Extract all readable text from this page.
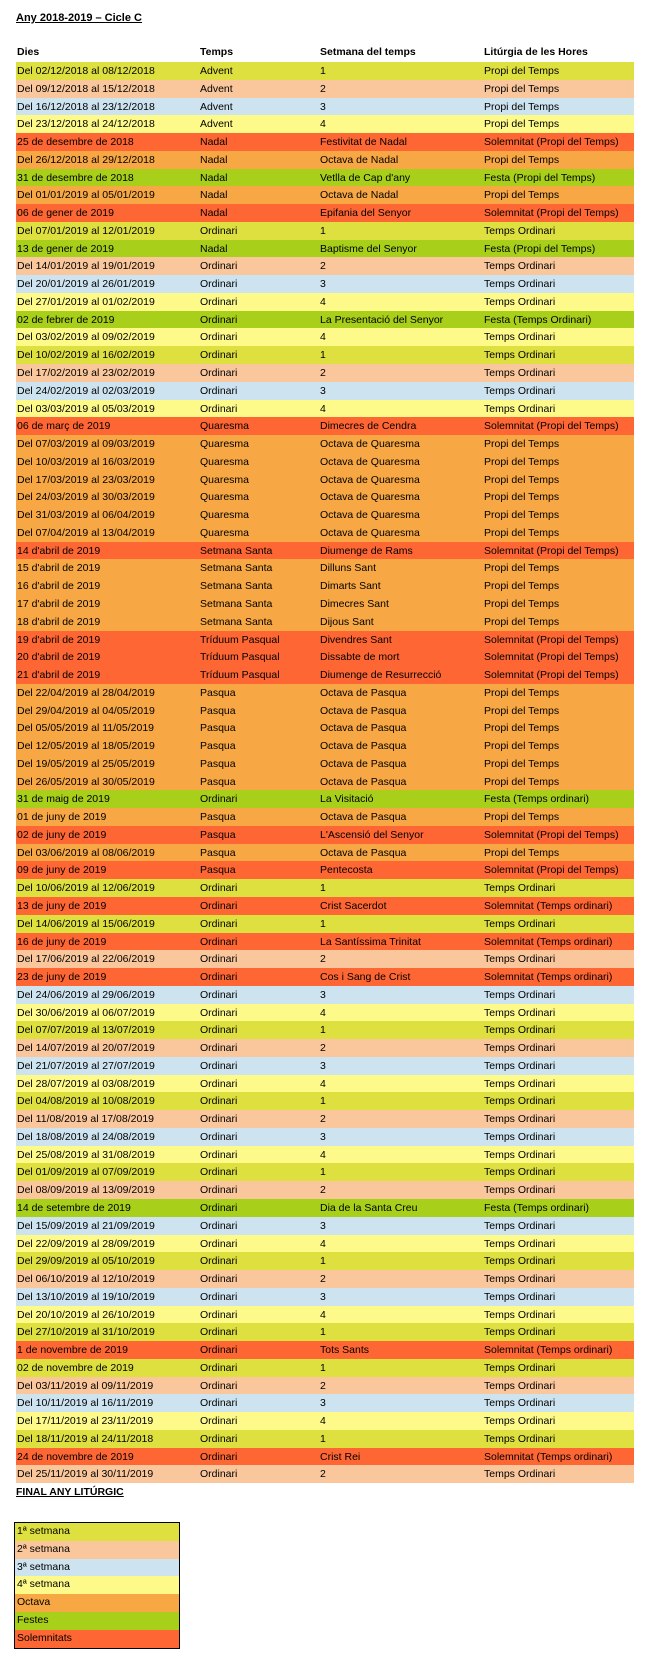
Any 2018-2019 – Cicle C
Dies	Temps	Setmana del temps	Litúrgia de les Hores
Del 02/12/2018 al 08/12/2018	Advent	1	Propi del Temps
Del 09/12/2018 al 15/12/2018	Advent	2	Propi del Temps
Del 16/12/2018 al 23/12/2018	Advent	3	Propi del Temps
Del 23/12/2018 al 24/12/2018	Advent	4	Propi del Temps
25 de desembre de 2018	Nadal	Festivitat de Nadal	Solemnitat (Propi del Temps)
Del 26/12/2018 al 29/12/2018	Nadal	Octava de Nadal	Propi del Temps
31 de desembre de 2018	Nadal	Vetlla de Cap d'any	Festa (Propi del Temps)
Del 01/01/2019 al 05/01/2019	Nadal	Octava de Nadal	Propi del Temps
06 de gener de 2019	Nadal	Epifania del Senyor	Solemnitat (Propi del Temps)
Del 07/01/2019 al 12/01/2019	Ordinari	1	Temps Ordinari
13 de gener de 2019	Nadal	Baptisme del Senyor	Festa (Propi del Temps)
Del 14/01/2019 al 19/01/2019	Ordinari	2	Temps Ordinari
Del 20/01/2019 al 26/01/2019	Ordinari	3	Temps Ordinari
Del 27/01/2019 al 01/02/2019	Ordinari	4	Temps Ordinari
02 de febrer de 2019	Ordinari	La Presentació del Senyor	Festa (Temps Ordinari)
Del 03/02/2019 al 09/02/2019	Ordinari	4	Temps Ordinari
Del 10/02/2019 al 16/02/2019	Ordinari	1	Temps Ordinari
Del 17/02/2019 al 23/02/2019	Ordinari	2	Temps Ordinari
Del 24/02/2019 al 02/03/2019	Ordinari	3	Temps Ordinari
Del 03/03/2019 al 05/03/2019	Ordinari	4	Temps Ordinari
06 de març de 2019	Quaresma	Dimecres de Cendra	Solemnitat (Propi del Temps)
Del 07/03/2019 al 09/03/2019	Quaresma	Octava de Quaresma	Propi del Temps
Del 10/03/2019 al 16/03/2019	Quaresma	Octava de Quaresma	Propi del Temps
Del 17/03/2019 al 23/03/2019	Quaresma	Octava de Quaresma	Propi del Temps
Del 24/03/2019 al 30/03/2019	Quaresma	Octava de Quaresma	Propi del Temps
Del 31/03/2019 al 06/04/2019	Quaresma	Octava de Quaresma	Propi del Temps
Del 07/04/2019 al 13/04/2019	Quaresma	Octava de Quaresma	Propi del Temps
14 d'abril de 2019	Setmana Santa	Diumenge de Rams	Solemnitat (Propi del Temps)
15 d'abril de 2019	Setmana Santa	Dilluns Sant	Propi del Temps
16 d'abril de 2019	Setmana Santa	Dimarts Sant	Propi del Temps
17 d'abril de 2019	Setmana Santa	Dimecres Sant	Propi del Temps
18 d'abril de 2019	Setmana Santa	Dijous Sant	Propi del Temps
19 d'abril de 2019	Tríduum Pasqual	Divendres Sant	Solemnitat (Propi del Temps)
20 d'abril de 2019	Tríduum Pasqual	Dissabte de mort	Solemnitat (Propi del Temps)
21 d'abril de 2019	Tríduum Pasqual	Diumenge de Resurrecció	Solemnitat (Propi del Temps)
Del 22/04/2019 al 28/04/2019	Pasqua	Octava de Pasqua	Propi del Temps
Del 29/04/2019 al 04/05/2019	Pasqua	Octava de Pasqua	Propi del Temps
Del 05/05/2019 al 11/05/2019	Pasqua	Octava de Pasqua	Propi del Temps
Del 12/05/2019 al 18/05/2019	Pasqua	Octava de Pasqua	Propi del Temps
Del 19/05/2019 al 25/05/2019	Pasqua	Octava de Pasqua	Propi del Temps
Del 26/05/2019 al 30/05/2019	Pasqua	Octava de Pasqua	Propi del Temps
31 de maig de 2019	Ordinari	La Visitació	Festa (Temps ordinari)
01 de juny de 2019	Pasqua	Octava de Pasqua	Propi del Temps
02 de juny de 2019	Pasqua	L'Ascensió del Senyor	Solemnitat (Propi del Temps)
Del 03/06/2019 al 08/06/2019	Pasqua	Octava de Pasqua	Propi del Temps
09 de juny de 2019	Pasqua	Pentecosta	Solemnitat (Propi del Temps)
Del 10/06/2019 al 12/06/2019	Ordinari	1	Temps Ordinari
13 de juny de 2019	Ordinari	Crist Sacerdot	Solemnitat (Temps ordinari)
Del 14/06/2019 al 15/06/2019	Ordinari	1	Temps Ordinari
16 de juny de 2019	Ordinari	La Santíssima Trinitat	Solemnitat (Temps ordinari)
Del 17/06/2019 al 22/06/2019	Ordinari	2	Temps Ordinari
23 de juny de 2019	Ordinari	Cos i Sang de Crist	Solemnitat (Temps ordinari)
Del 24/06/2019 al 29/06/2019	Ordinari	3	Temps Ordinari
Del 30/06/2019 al 06/07/2019	Ordinari	4	Temps Ordinari
Del 07/07/2019 al 13/07/2019	Ordinari	1	Temps Ordinari
Del 14/07/2019 al 20/07/2019	Ordinari	2	Temps Ordinari
Del 21/07/2019 al 27/07/2019	Ordinari	3	Temps Ordinari
Del 28/07/2019 al 03/08/2019	Ordinari	4	Temps Ordinari
Del 04/08/2019 al 10/08/2019	Ordinari	1	Temps Ordinari
Del 11/08/2019 al 17/08/2019	Ordinari	2	Temps Ordinari
Del 18/08/2019 al 24/08/2019	Ordinari	3	Temps Ordinari
Del 25/08/2019 al 31/08/2019	Ordinari	4	Temps Ordinari
Del 01/09/2019 al 07/09/2019	Ordinari	1	Temps Ordinari
Del 08/09/2019 al 13/09/2019	Ordinari	2	Temps Ordinari
14 de setembre de 2019	Ordinari	Dia de la Santa Creu	Festa (Temps ordinari)
Del 15/09/2019 al 21/09/2019	Ordinari	3	Temps Ordinari
Del 22/09/2019 al 28/09/2019	Ordinari	4	Temps Ordinari
Del 29/09/2019 al 05/10/2019	Ordinari	1	Temps Ordinari
Del 06/10/2019 al 12/10/2019	Ordinari	2	Temps Ordinari
Del 13/10/2019 al 19/10/2019	Ordinari	3	Temps Ordinari
Del 20/10/2019 al 26/10/2019	Ordinari	4	Temps Ordinari
Del 27/10/2019 al 31/10/2019	Ordinari	1	Temps Ordinari
1 de novembre de 2019	Ordinari	Tots Sants	Solemnitat (Temps ordinari)
02 de novembre de 2019	Ordinari	1	Temps Ordinari
Del 03/11/2019 al 09/11/2019	Ordinari	2	Temps Ordinari
Del 10/11/2019 al 16/11/2019	Ordinari	3	Temps Ordinari
Del 17/11/2019 al 23/11/2019	Ordinari	4	Temps Ordinari
Del 18/11/2019 al 24/11/2018	Ordinari	1	Temps Ordinari
24 de novembre de 2019	Ordinari	Crist Rei	Solemnitat (Temps ordinari)
Del 25/11/2019 al 30/11/2019	Ordinari	2	Temps Ordinari
FINAL ANY LITÚRGIC
1ª setmana
2ª setmana
3ª setmana
4ª setmana
Octava
Festes
Solemnitats
